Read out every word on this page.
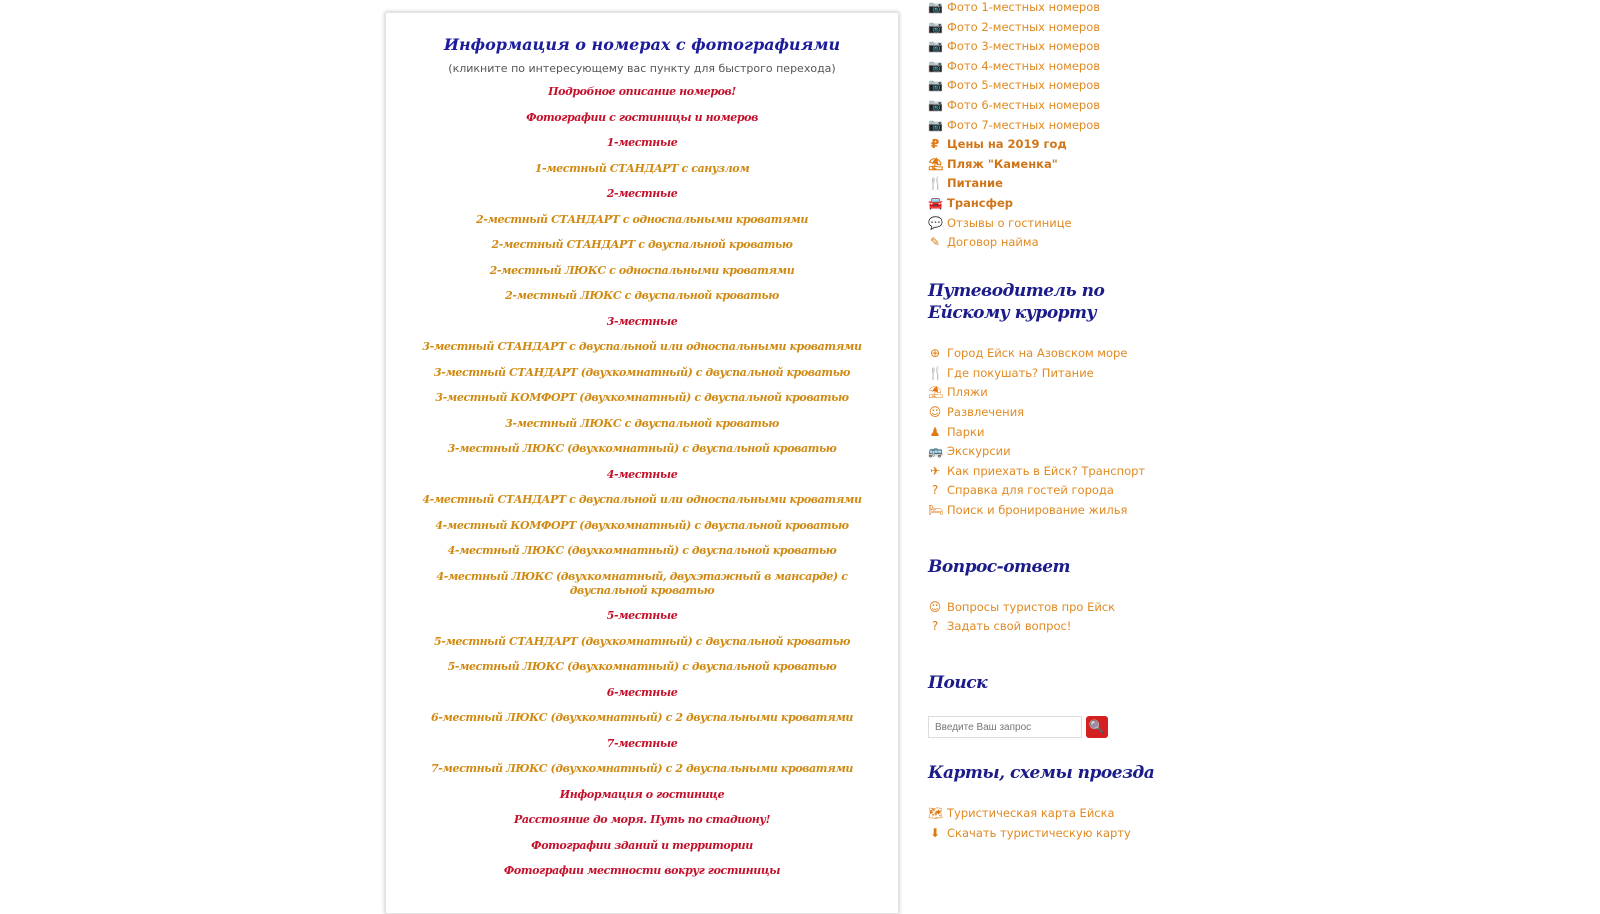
Информация о номерах с фотографиями
(кликните по интересующему вас пункту для быстрого перехода)
Подробное описание номеров!
Фотографии с гостиницы и номеров
1-местные
1-местный СТАНДАРТ с санузлом
2-местные
2-местный СТАНДАРТ с односпальными кроватями
2-местный СТАНДАРТ с двуспальной кроватью
2-местный ЛЮКС с односпальными кроватями
2-местный ЛЮКС с двуспальной кроватью
3-местные
3-местный СТАНДАРТ с двуспальной или односпальными кроватями
3-местный СТАНДАРТ (двухкомнатный) с двуспальной кроватью
3-местный КОМФОРТ (двухкомнатный) с двуспальной кроватью
3-местный ЛЮКС с двуспальной кроватью
3-местный ЛЮКС (двухкомнатный) с двуспальной кроватью
4-местные
4-местный СТАНДАРТ с двуспальной или односпальными кроватями
4-местный КОМФОРТ (двухкомнатный) с двуспальной кроватью
4-местный ЛЮКС (двухкомнатный) с двуспальной кроватью
4-местный ЛЮКС (двухкомнатный, двухэтажный в мансарде) с двуспальной кроватью
5-местные
5-местный СТАНДАРТ (двухкомнатный) с двуспальной кроватью
5-местный ЛЮКС (двухкомнатный) с двуспальной кроватью
6-местные
6-местный ЛЮКС (двухкомнатный) с 2 двуспальными кроватями
7-местные
7-местный ЛЮКС (двухкомнатный) с 2 двуспальными кроватями
Информация о гостинице
Расстояние до моря. Путь по стадиону!
Фотографии зданий и территории
Фотографии местности вокруг гостиницы
📷 Фото 1-местных номеров
📷 Фото 2-местных номеров
📷 Фото 3-местных номеров
📷 Фото 4-местных номеров
📷 Фото 5-местных номеров
📷 Фото 6-местных номеров
📷 Фото 7-местных номеров
₽ Цены на 2019 год
⛱ Пляж "Каменка"
🍴 Питание
🚘 Трансфер
💬 Отзывы о гостинице
✎ Договор найма
Путеводитель по Ейскому курорту
⊕ Город Ейск на Азовском море
🍴 Где покушать? Питание
⛱ Пляжи
☺ Развлечения
♟ Парки
🚌 Экскурсии
✈ Как приехать в Ейск? Транспорт
? Справка для гостей города
🛏 Поиск и бронирование жилья
Вопрос-ответ
☺ Вопросы туристов про Ейск
? Задать свой вопрос!
Поиск
Введите Ваш запрос
🔍
Карты, схемы проезда
🗺 Туристическая карта Ейска
⬇ Скачать туристическую карту
